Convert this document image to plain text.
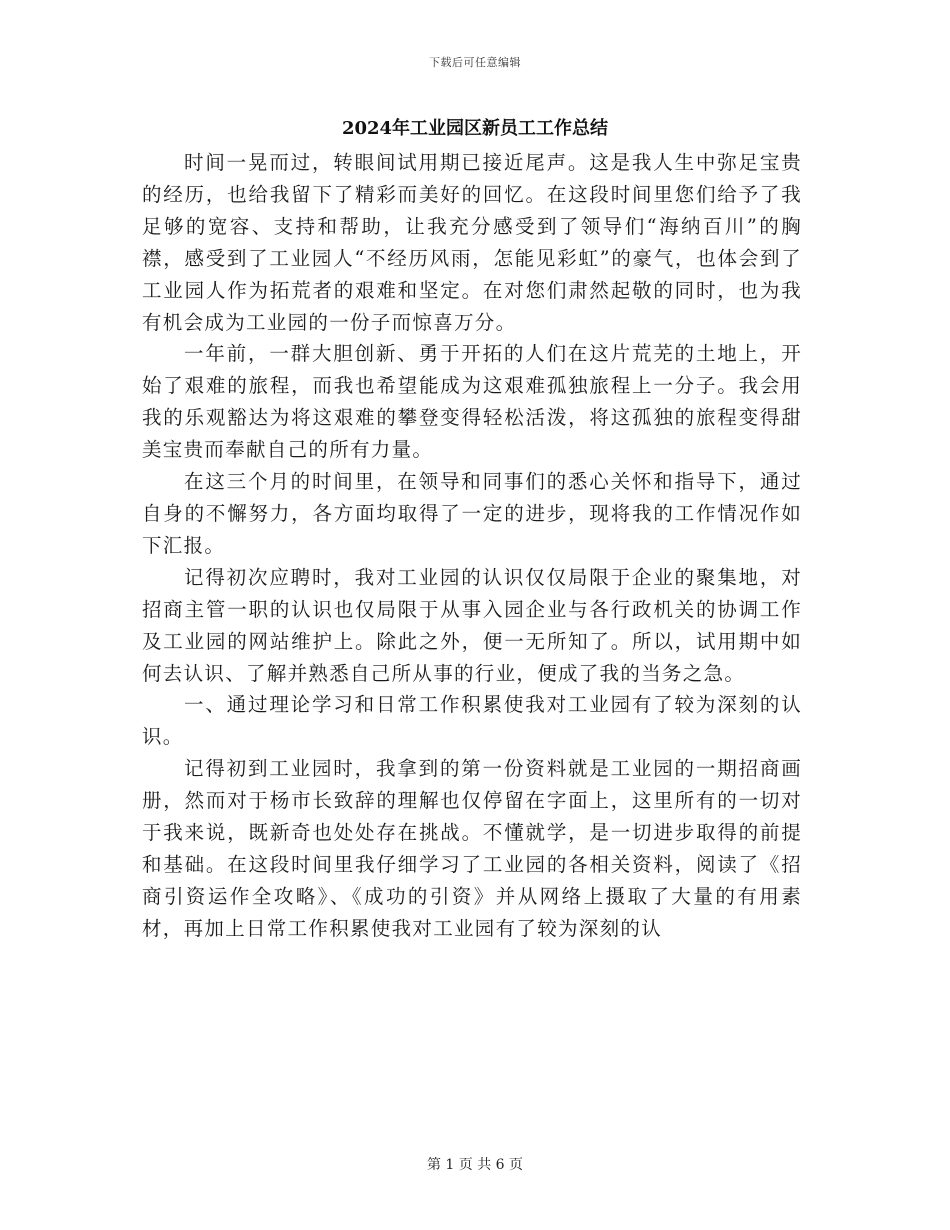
下载后可任意编辑
2024年工业园区新员工工作总结

时间一晃而过，转眼间试用期已接近尾声。这是我人生中弥足宝贵的经历，也给我留下了精彩而美好的回忆。在这段时间里您们给予了我足够的宽容、支持和帮助，让我充分感受到了领导们“海纳百川”的胸襟，感受到了工业园人“不经历风雨，怎能见彩虹”的豪气，也体会到了工业园人作为拓荒者的艰难和坚定。在对您们肃然起敬的同时，也为我有机会成为工业园的一份子而惊喜万分。

一年前，一群大胆创新、勇于开拓的人们在这片荒芜的土地上，开始了艰难的旅程，而我也希望能成为这艰难孤独旅程上一分子。我会用我的乐观豁达为将这艰难的攀登变得轻松活泼，将这孤独的旅程变得甜美宝贵而奉献自己的所有力量。

在这三个月的时间里，在领导和同事们的悉心关怀和指导下，通过自身的不懈努力，各方面均取得了一定的进步，现将我的工作情况作如下汇报。

记得初次应聘时，我对工业园的认识仅仅局限于企业的聚集地，对招商主管一职的认识也仅局限于从事入园企业与各行政机关的协调工作及工业园的网站维护上。除此之外，便一无所知了。所以，试用期中如何去认识、了解并熟悉自己所从事的行业，便成了我的当务之急。

一、通过理论学习和日常工作积累使我对工业园有了较为深刻的认识。

记得初到工业园时，我拿到的第一份资料就是工业园的一期招商画册，然而对于杨市长致辞的理解也仅停留在字面上，这里所有的一切对于我来说，既新奇也处处存在挑战。不懂就学，是一切进步取得的前提和基础。在这段时间里我仔细学习了工业园的各相关资料，阅读了《招商引资运作全攻略》、《成功的引资》并从网络上摄取了大量的有用素材，再加上日常工作积累使我对工业园有了较为深刻的认

第 1 页 共 6 页
